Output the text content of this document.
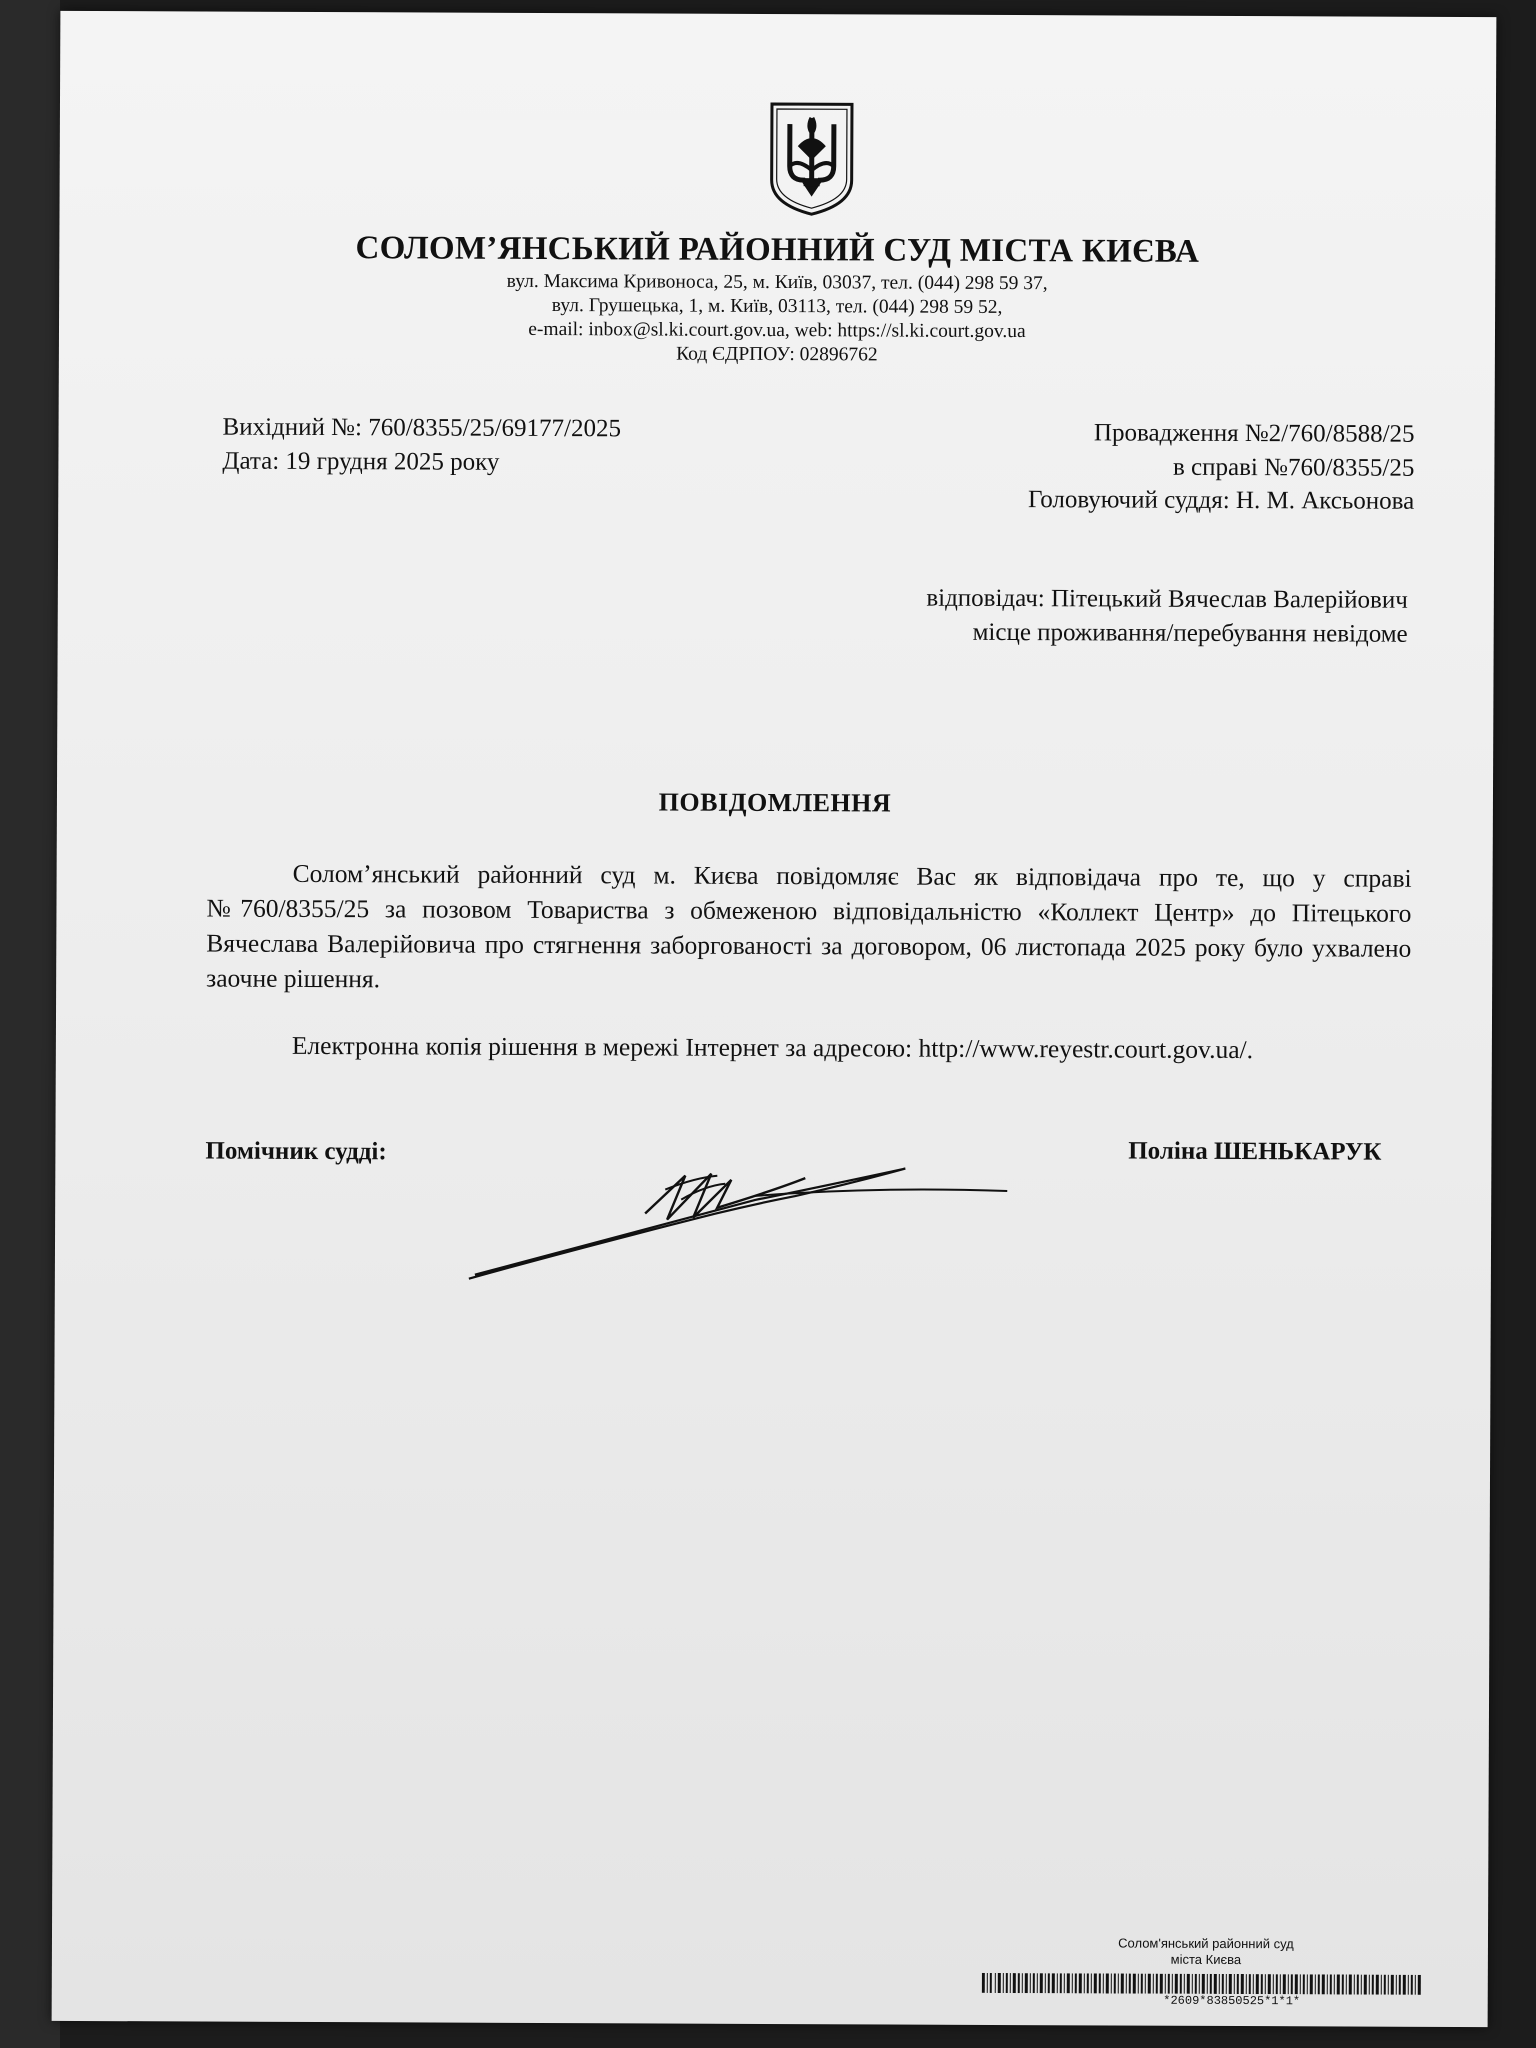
СОЛОМ’ЯНСЬКИЙ РАЙОННИЙ СУД МІСТА КИЄВА
вул. Максима Кривоноса, 25, м. Київ, 03037, тел. (044) 298 59 37,
вул. Грушецька, 1, м. Київ, 03113, тел. (044) 298 59 52,
e-mail: inbox@sl.ki.court.gov.ua, web: https://sl.ki.court.gov.ua
Код ЄДРПОУ: 02896762
Вихідний №: 760/8355/25/69177/2025
Дата: 19 грудня 2025 року
Провадження №2/760/8588/25
в справі №760/8355/25
Головуючий суддя: Н. М. Аксьонова
відповідач: Пітецький Вячеслав Валерійович
місце проживання/перебування невідоме
ПОВІДОМЛЕННЯ
Солом’янський районний суд м. Києва повідомляє Вас як відповідача про те, що у справі №760/8355/25 за позовом Товариства з обмеженою відповідальністю «Коллект Центр» до Пітецького Вячеслава Валерійовича про стягнення заборгованості за договором, 06 листопада 2025 року було ухвалено заочне рішення.
Електронна копія рішення в мережі Інтернет за адресою: http://www.reyestr.court.gov.ua/.
Помічник судді:	Поліна ШЕНЬКАРУК
Солом'янський районний суд
міста Києва
*2609*83850525*1*1*
